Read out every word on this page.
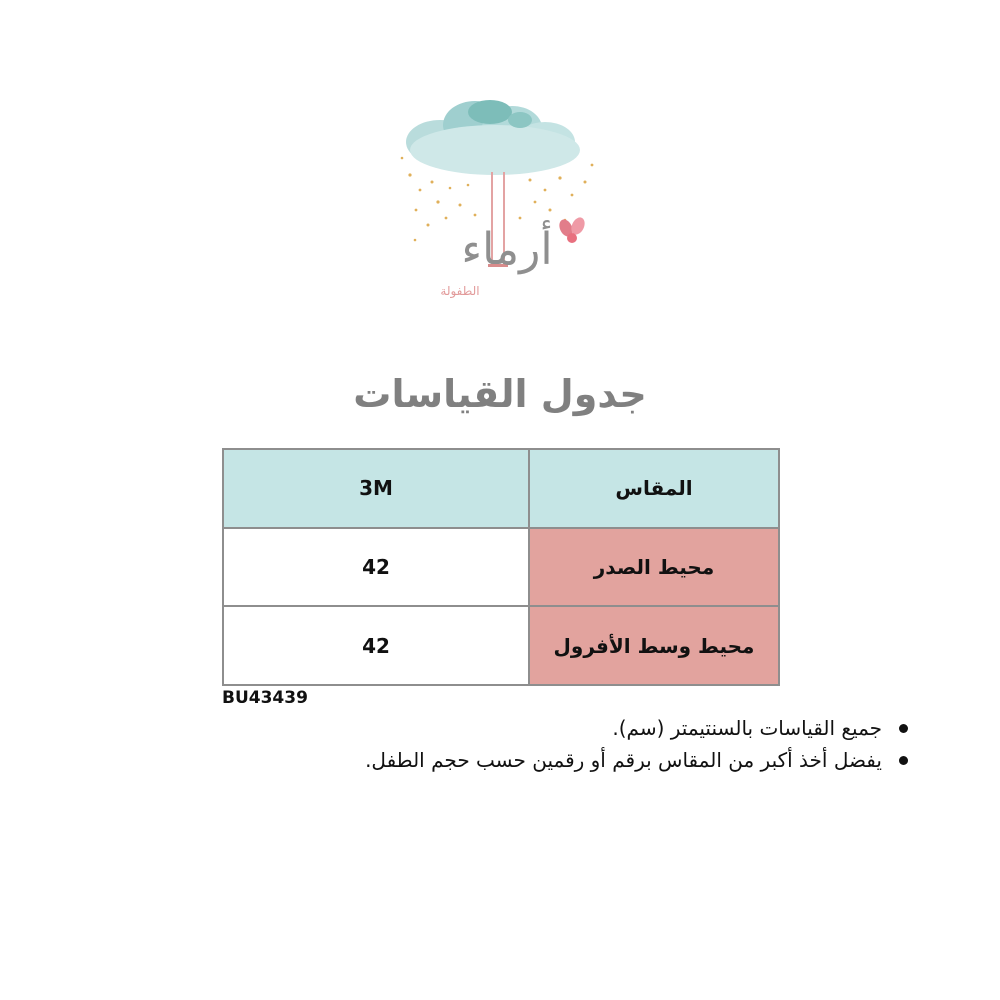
أرماء
الطفولة
جدول القياسات
3M	المقاس
42	محيط الصدر
42	محيط وسط الأفرول
BU43439
جميع القياسات بالسنتيمتر (سم).
يفضل أخذ أكبر من المقاس برقم أو رقمين حسب حجم الطفل.
